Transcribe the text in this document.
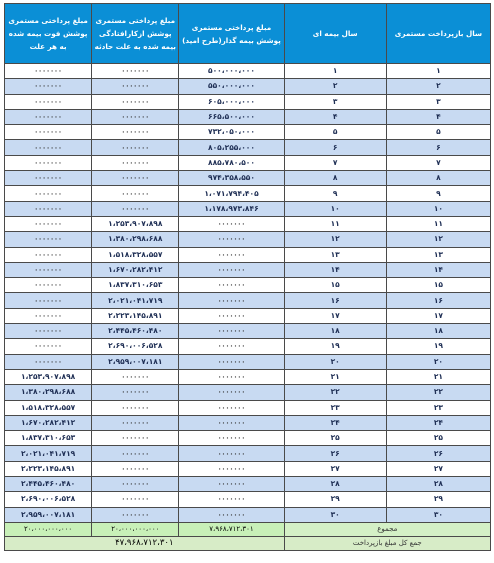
سال بازپرداخت مستمری	سال بیمه ای	مبلغ پرداختی مستمری پوشش بیمه گذار(طرح امید)	مبلغ پرداختی مستمری پوشش ازکارافتادگی بیمه شده به علت حادثه	مبلغ پرداختی مستمری پوشش فوت بیمه شده به هر علت
۱	۱	۵۰۰،۰۰۰،۰۰۰	۰۰۰۰۰۰۰	۰۰۰۰۰۰۰
۲	۲	۵۵۰،۰۰۰،۰۰۰	۰۰۰۰۰۰۰	۰۰۰۰۰۰۰
۳	۳	۶۰۵،۰۰۰،۰۰۰	۰۰۰۰۰۰۰	۰۰۰۰۰۰۰
۴	۴	۶۶۵،۵۰۰،۰۰۰	۰۰۰۰۰۰۰	۰۰۰۰۰۰۰
۵	۵	۷۳۲،۰۵۰،۰۰۰	۰۰۰۰۰۰۰	۰۰۰۰۰۰۰
۶	۶	۸۰۵،۲۵۵،۰۰۰	۰۰۰۰۰۰۰	۰۰۰۰۰۰۰
۷	۷	۸۸۵،۷۸۰،۵۰۰	۰۰۰۰۰۰۰	۰۰۰۰۰۰۰
۸	۸	۹۷۴،۳۵۸،۵۵۰	۰۰۰۰۰۰۰	۰۰۰۰۰۰۰
۹	۹	۱،۰۷۱،۷۹۴،۴۰۵	۰۰۰۰۰۰۰	۰۰۰۰۰۰۰
۱۰	۱۰	۱،۱۷۸،۹۷۳،۸۴۶	۰۰۰۰۰۰۰	۰۰۰۰۰۰۰
۱۱	۱۱	۰۰۰۰۰۰۰	۱،۲۵۳،۹۰۷،۸۹۸	۰۰۰۰۰۰۰
۱۲	۱۲	۰۰۰۰۰۰۰	۱،۳۸۰،۲۹۸،۶۸۸	۰۰۰۰۰۰۰
۱۳	۱۳	۰۰۰۰۰۰۰	۱،۵۱۸،۳۲۸،۵۵۷	۰۰۰۰۰۰۰
۱۴	۱۴	۰۰۰۰۰۰۰	۱،۶۷۰،۲۸۲،۴۱۲	۰۰۰۰۰۰۰
۱۵	۱۵	۰۰۰۰۰۰۰	۱،۸۳۷،۳۱۰،۶۵۳	۰۰۰۰۰۰۰
۱۶	۱۶	۰۰۰۰۰۰۰	۲،۰۲۱،۰۴۱،۷۱۹	۰۰۰۰۰۰۰
۱۷	۱۷	۰۰۰۰۰۰۰	۲،۲۲۳،۱۴۵،۸۹۱	۰۰۰۰۰۰۰
۱۸	۱۸	۰۰۰۰۰۰۰	۲،۴۴۵،۴۶۰،۴۸۰	۰۰۰۰۰۰۰
۱۹	۱۹	۰۰۰۰۰۰۰	۲،۶۹۰،۰۰۶،۵۲۸	۰۰۰۰۰۰۰
۲۰	۲۰	۰۰۰۰۰۰۰	۲،۹۵۹،۰۰۷،۱۸۱	۰۰۰۰۰۰۰
۲۱	۲۱	۰۰۰۰۰۰۰	۰۰۰۰۰۰۰	۱،۲۵۳،۹۰۷،۸۹۸
۲۲	۲۲	۰۰۰۰۰۰۰	۰۰۰۰۰۰۰	۱،۳۸۰،۲۹۸،۶۸۸
۲۳	۲۳	۰۰۰۰۰۰۰	۰۰۰۰۰۰۰	۱،۵۱۸،۳۲۸،۵۵۷
۲۴	۲۴	۰۰۰۰۰۰۰	۰۰۰۰۰۰۰	۱،۶۷۰،۲۸۲،۴۱۲
۲۵	۲۵	۰۰۰۰۰۰۰	۰۰۰۰۰۰۰	۱،۸۳۷،۳۱۰،۶۵۳
۲۶	۲۶	۰۰۰۰۰۰۰	۰۰۰۰۰۰۰	۲،۰۲۱،۰۴۱،۷۱۹
۲۷	۲۷	۰۰۰۰۰۰۰	۰۰۰۰۰۰۰	۲،۲۲۳،۱۴۵،۸۹۱
۲۸	۲۸	۰۰۰۰۰۰۰	۰۰۰۰۰۰۰	۲،۴۴۵،۴۶۰،۴۸۰
۲۹	۲۹	۰۰۰۰۰۰۰	۰۰۰۰۰۰۰	۲،۶۹۰،۰۰۶،۵۲۸
۳۰	۳۰	۰۰۰۰۰۰۰	۰۰۰۰۰۰۰	۲،۹۵۹،۰۰۷،۱۸۱
مجموع		۷،۹۶۸،۷۱۲،۳۰۱	۲۰،۰۰۰،۰۰۰،۰۰۰	۲۰،۰۰۰،۰۰۰،۰۰۰
جمع کل مبلغ بازپرداخت		۴۷،۹۶۸،۷۱۲،۳۰۱		
